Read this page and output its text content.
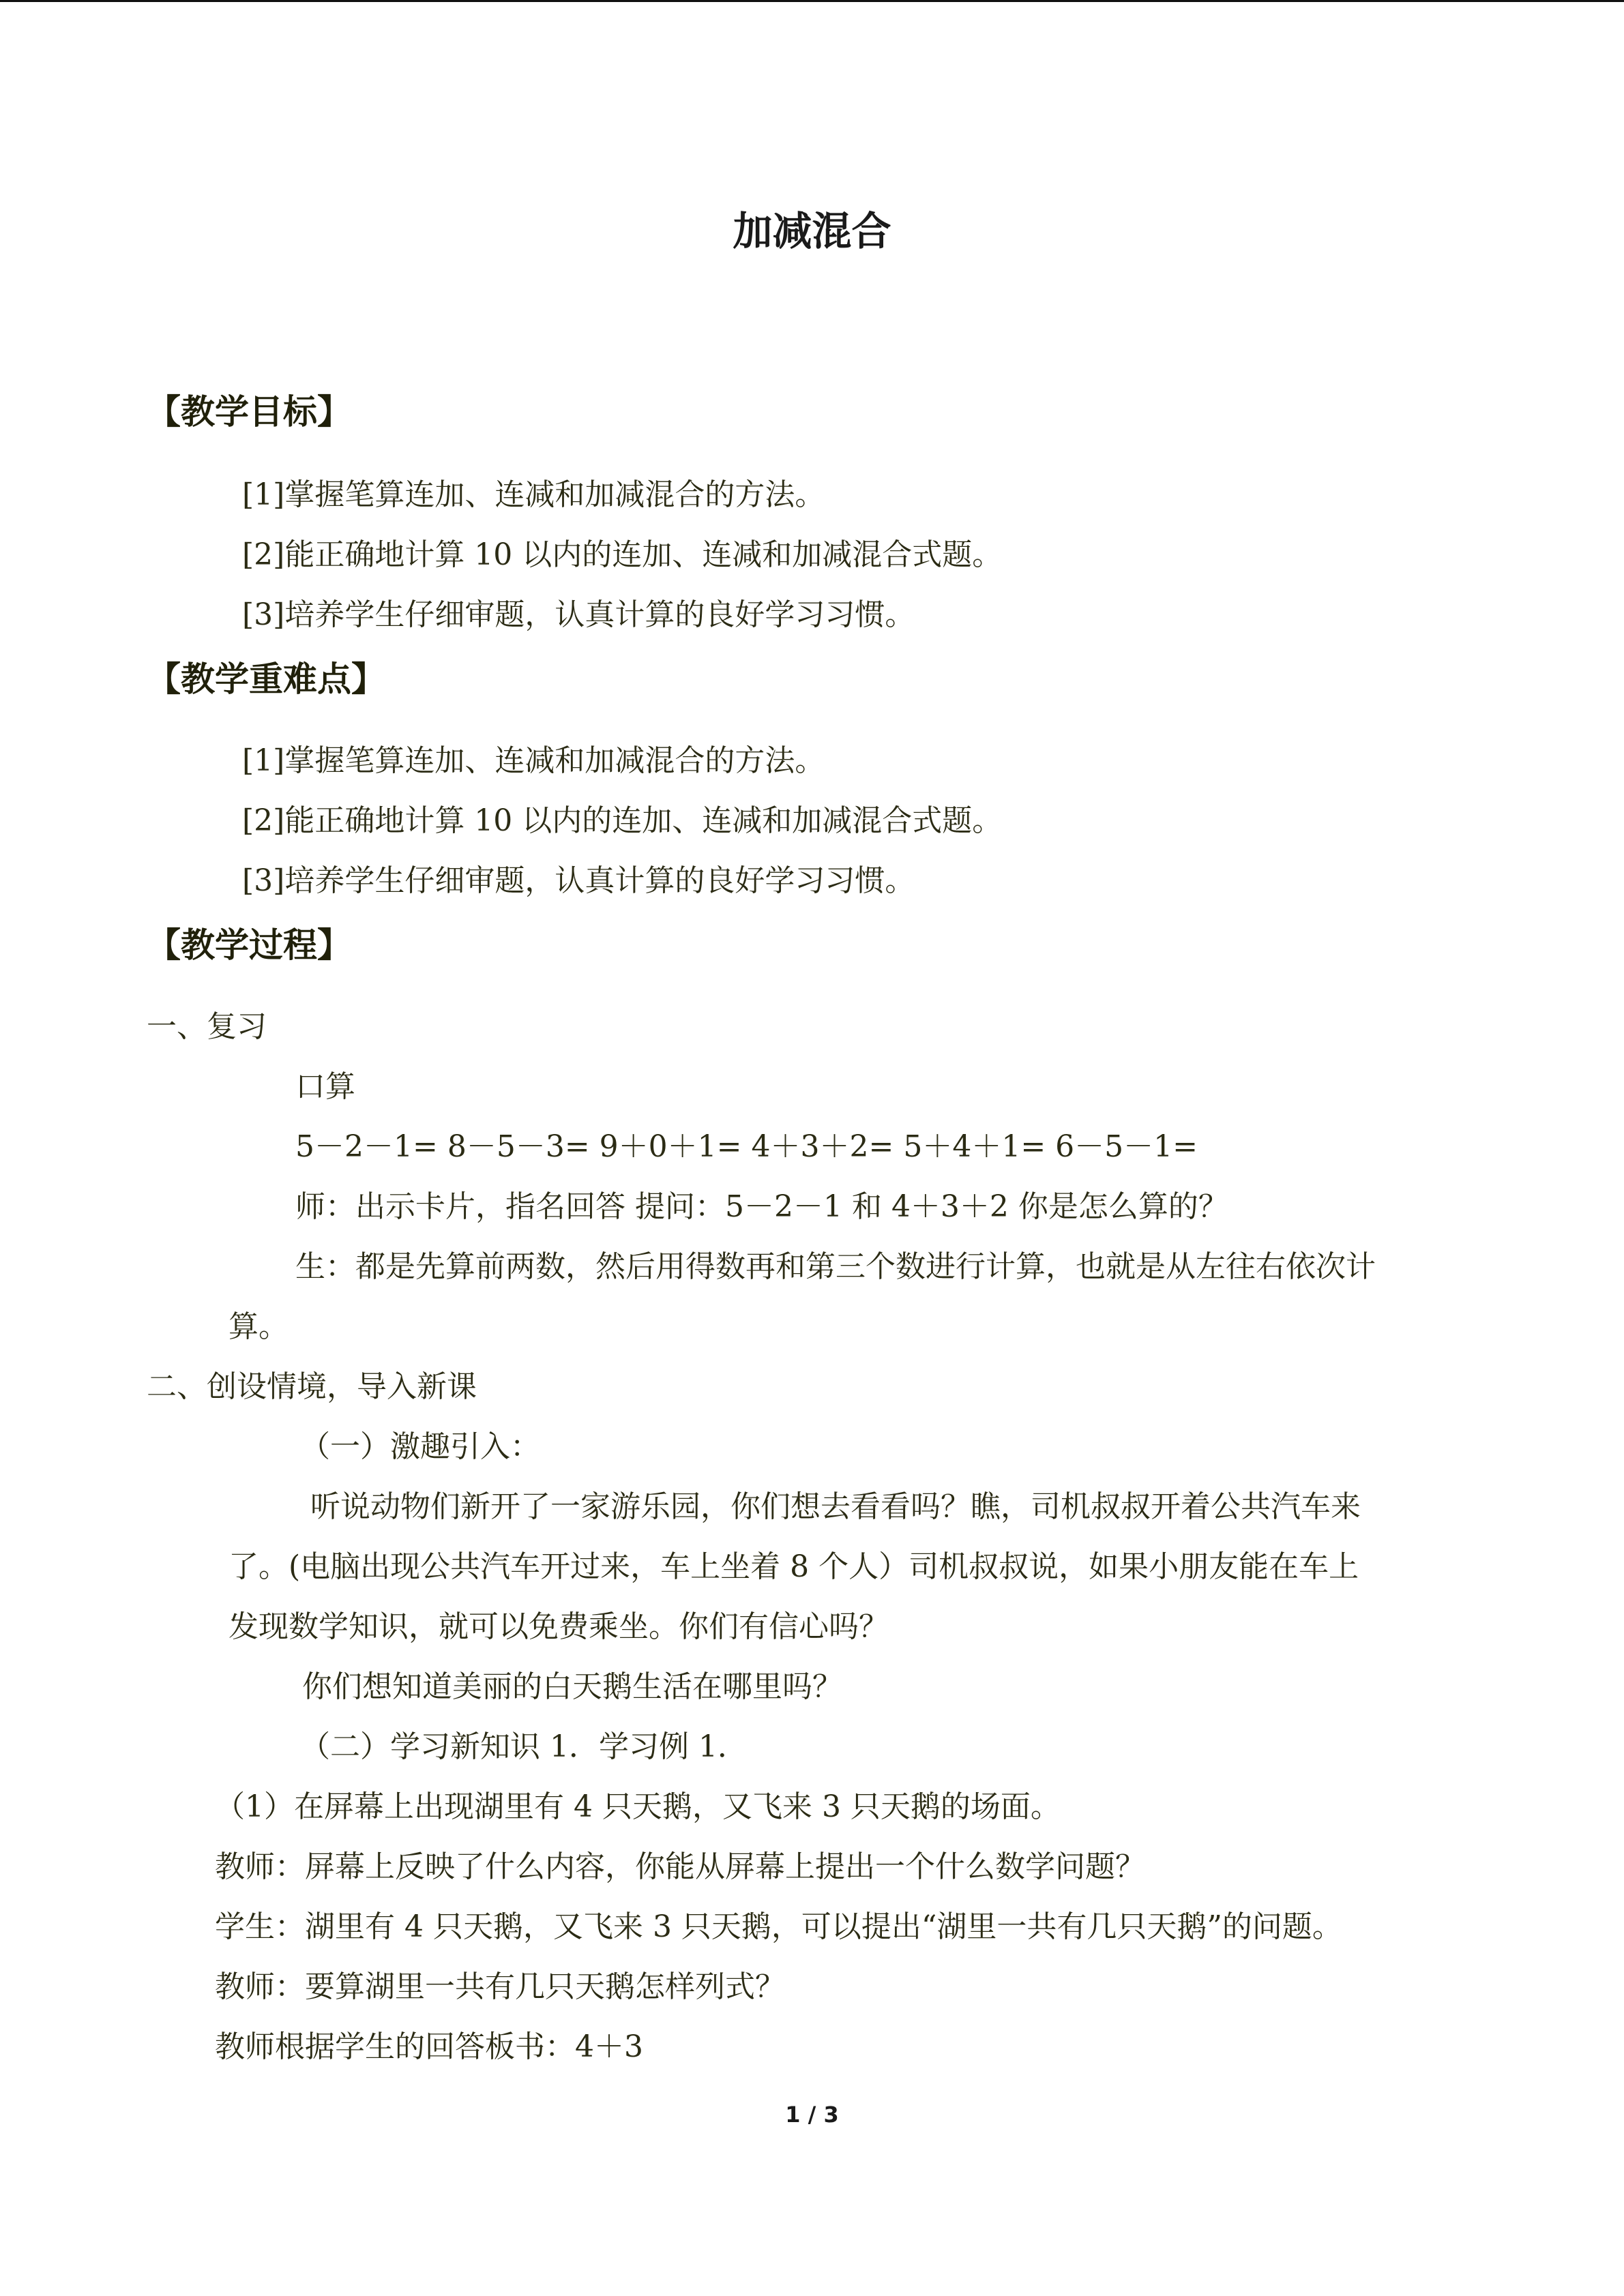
加减混合
【教学目标】
[1]掌握笔算连加、连减和加减混合的方法。
[2]能正确地计算 10 以内的连加、连减和加减混合式题。
[3]培养学生仔细审题，认真计算的良好学习习惯。
【教学重难点】
[1]掌握笔算连加、连减和加减混合的方法。
[2]能正确地计算 10 以内的连加、连减和加减混合式题。
[3]培养学生仔细审题，认真计算的良好学习习惯。
【教学过程】
一、复习
口算
5－2－1= 8－5－3= 9＋0＋1= 4＋3＋2= 5＋4＋1= 6－5－1=
师：出示卡片，指名回答 提问：5－2－1 和 4＋3＋2 你是怎么算的？
生：都是先算前两数，然后用得数再和第三个数进行计算，也就是从左往右依次计
算。
二、创设情境，导入新课
（一）激趣引入：
听说动物们新开了一家游乐园，你们想去看看吗？瞧，司机叔叔开着公共汽车来
了。(电脑出现公共汽车开过来，车上坐着 8 个人）司机叔叔说，如果小朋友能在车上
发现数学知识，就可以免费乘坐。你们有信心吗？
你们想知道美丽的白天鹅生活在哪里吗？
（二）学习新知识 1．学习例 1．
（1）在屏幕上出现湖里有 4 只天鹅，又飞来 3 只天鹅的场面。
教师：屏幕上反映了什么内容，你能从屏幕上提出一个什么数学问题？
学生：湖里有 4 只天鹅，又飞来 3 只天鹅，可以提出“湖里一共有几只天鹅”的问题。
教师：要算湖里一共有几只天鹅怎样列式？
教师根据学生的回答板书：4＋3
1 / 3
